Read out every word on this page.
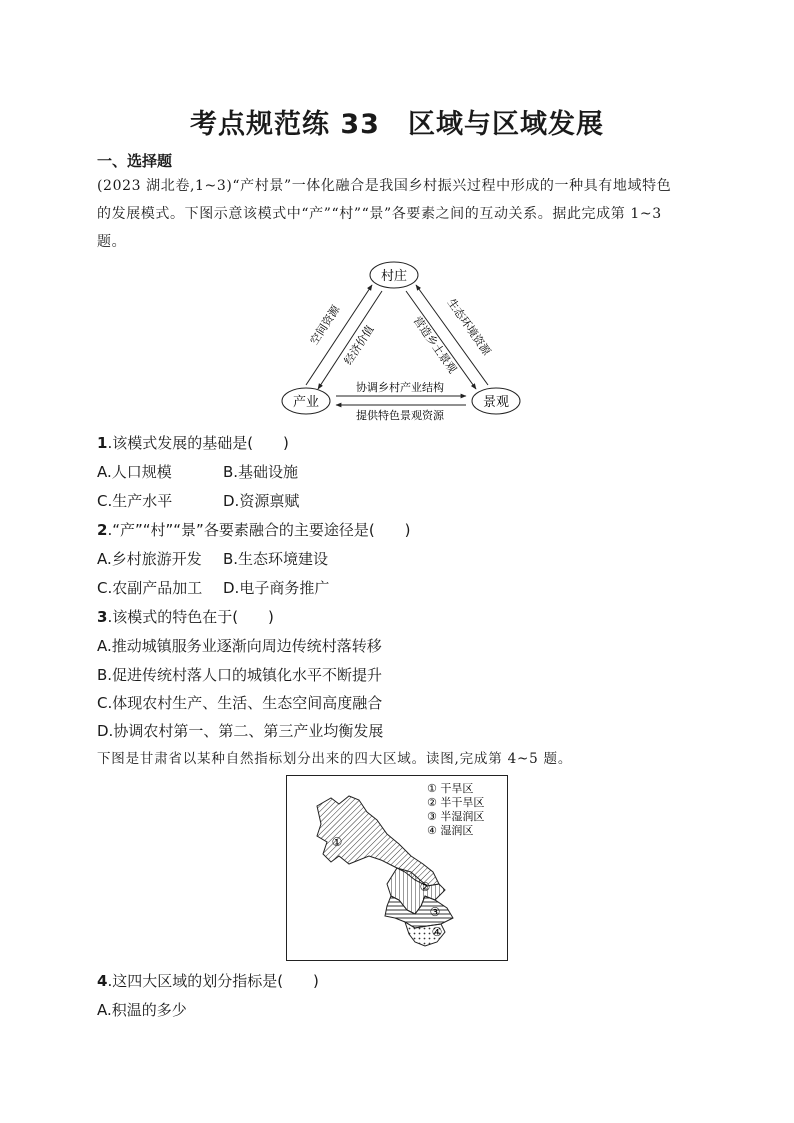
考点规范练 33 区域与区域发展
一、选择题
(2023 湖北卷,1~3)“产村景”一体化融合是我国乡村振兴过程中形成的一种具有地域特色
的发展模式。下图示意该模式中“产”“村”“景”各要素之间的互动关系。据此完成第 1~3
题。
村庄
产业	景观
空间资源 经济价值	生态环境资源
营造乡土景观
协调乡村产业结构
提供特色景观资源
1.该模式发展的基础是(　　)
A.人口规模	B.基础设施
C.生产水平	D.资源禀赋
2.“产”“村”“景”各要素融合的主要途径是(　　)
A.乡村旅游开发 B.生态环境建设
C.农副产品加工 D.电子商务推广
3.该模式的特色在于(　　)
A.推动城镇服务业逐渐向周边传统村落转移
B.促进传统村落人口的城镇化水平不断提升
C.体现农村生产、生活、生态空间高度融合
D.协调农村第一、第二、第三产业均衡发展
下图是甘肃省以某种自然指标划分出来的四大区域。读图,完成第 4~5 题。
①
②
③
④
① 干旱区
② 半干旱区
③ 半湿润区
④ 湿润区
4.这四大区域的划分指标是(　　)
A.积温的多少
